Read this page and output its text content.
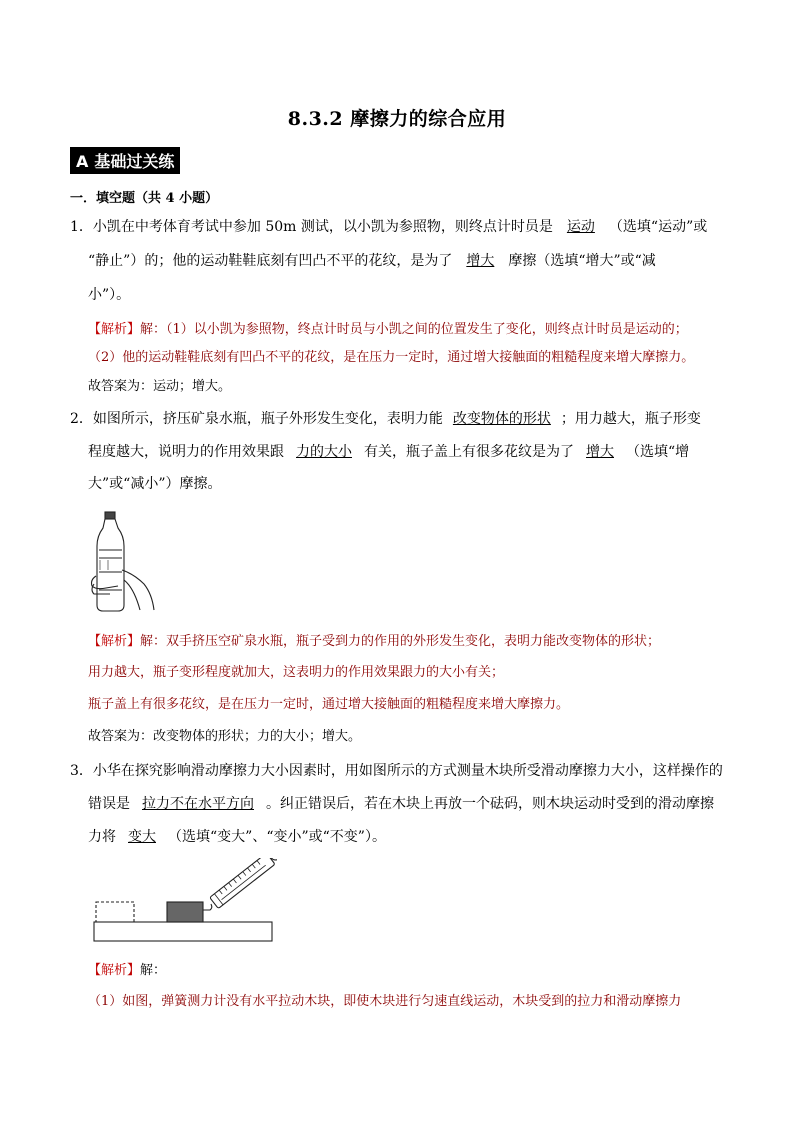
8.3.2 摩擦力的综合应用
A 基础过关练
一．填空题（共 4 小题）
1．小凯在中考体育考试中参加 50m 测试，以小凯为参照物，则终点计时员是 运动 （选填“运动”或
“静止”）的；他的运动鞋鞋底刻有凹凸不平的花纹，是为了 增大 摩擦（选填“增大”或“减
小”）。
【解析】解：（1）以小凯为参照物，终点计时员与小凯之间的位置发生了变化，则终点计时员是运动的；
（2）他的运动鞋鞋底刻有凹凸不平的花纹，是在压力一定时，通过增大接触面的粗糙程度来增大摩擦力。
故答案为：运动；增大。
2．如图所示，挤压矿泉水瓶，瓶子外形发生变化，表明力能 改变物体的形状 ；用力越大，瓶子形变
程度越大，说明力的作用效果跟 力的大小 有关，瓶子盖上有很多花纹是为了 增大 （选填“增
大”或“减小”）摩擦。
【解析】解：双手挤压空矿泉水瓶，瓶子受到力的作用的外形发生变化，表明力能改变物体的形状；
用力越大，瓶子变形程度就加大，这表明力的作用效果跟力的大小有关；
瓶子盖上有很多花纹，是在压力一定时，通过增大接触面的粗糙程度来增大摩擦力。
故答案为：改变物体的形状；力的大小；增大。
3．小华在探究影响滑动摩擦力大小因素时，用如图所示的方式测量木块所受滑动摩擦力大小，这样操作的
错误是 拉力不在水平方向 。纠正错误后，若在木块上再放一个砝码，则木块运动时受到的滑动摩擦
力将 变大 （选填“变大”、“变小”或“不变”）。
【解析】解：
（1）如图，弹簧测力计没有水平拉动木块，即使木块进行匀速直线运动，木块受到的拉力和滑动摩擦力
